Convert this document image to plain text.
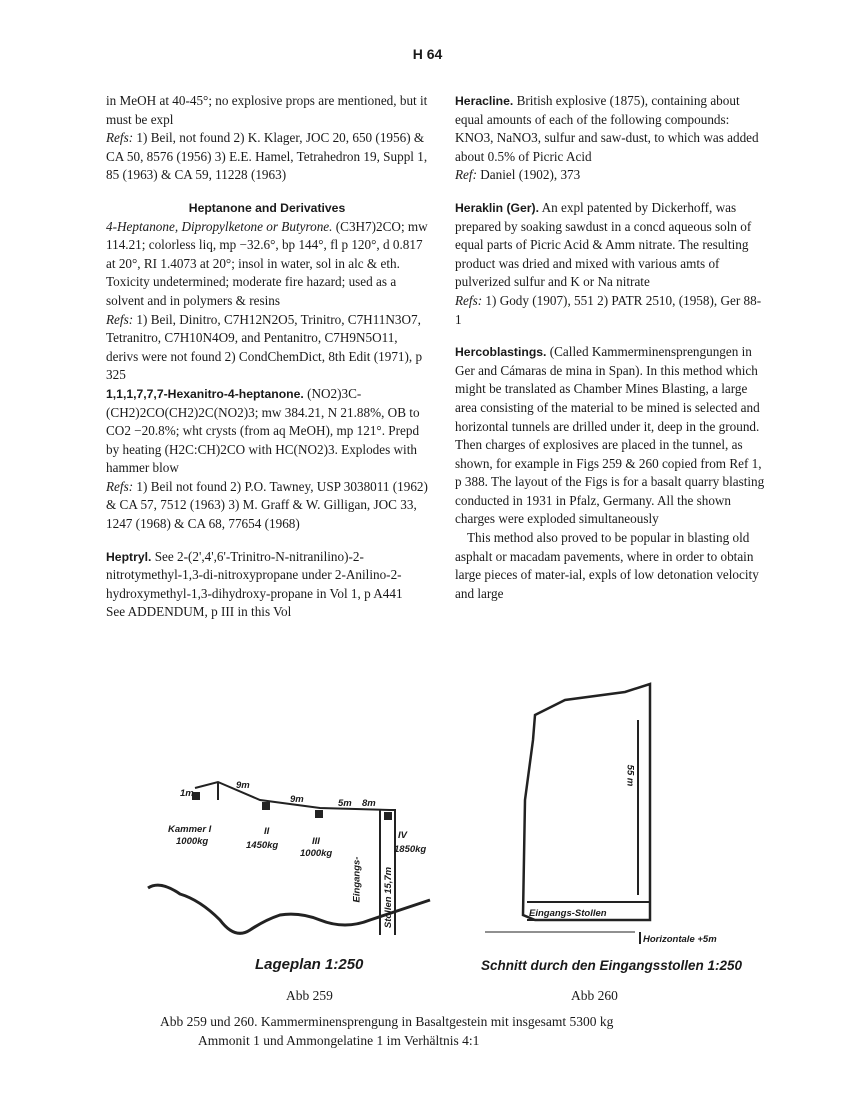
H 64

in MeOH at 40-45°; no explosive props are mentioned, but it must be expl
Refs: 1) Beil, not found 2) K. Klager, JOC 20, 650 (1956) & CA 50, 8576 (1956) 3) E.E. Hamel, Tetrahedron 19, Suppl 1, 85 (1963) & CA 59, 11228 (1963)

Heptanone and Derivatives
4-Heptanone, Dipropylketone or Butyrone. (C3H7)2CO; mw 114.21; colorless liq, mp −32.6°, bp 144°, fl p 120°, d 0.817 at 20°, RI 1.4073 at 20°; insol in water, sol in alc & eth. Toxicity undetermined; moderate fire hazard; used as a solvent and in polymers & resins
Refs: 1) Beil, Dinitro, C7H12N2O5, Trinitro, C7H11N3O7, Tetranitro, C7H10N4O9, and Pentanitro, C7H9N5O11, derivs were not found 2) CondChemDict, 8th Edit (1971), p 325
1,1,1,7,7,7-Hexanitro-4-heptanone. (NO2)3C-(CH2)2CO(CH2)2C(NO2)3; mw 384.21, N 21.88%, OB to CO2 −20.8%; wht crysts (from aq MeOH), mp 121°. Prepd by heating (H2C:CH)2CO with HC(NO2)3. Explodes with hammer blow
Refs: 1) Beil not found 2) P.O. Tawney, USP 3038011 (1962) & CA 57, 7512 (1963) 3) M. Graff & W. Gilligan, JOC 33, 1247 (1968) & CA 68, 77654 (1968)

Heptryl. See 2-(2',4',6'-Trinitro-N-nitranilino)-2-nitrotymethyl-1,3-di-nitroxypropane under 2-Anilino-2-hydroxymethyl-1,3-dihydroxy-propane in Vol 1, p A441
See ADDENDUM, p III in this Vol

Heracline. British explosive (1875), containing about equal amounts of each of the following compounds: KNO3, NaNO3, sulfur and saw-dust, to which was added about 0.5% of Picric Acid
Ref: Daniel (1902), 373

Heraklin (Ger). An expl patented by Dickerhoff, was prepared by soaking sawdust in a concd aqueous soln of equal parts of Picric Acid & Amm nitrate. The resulting product was dried and mixed with various amts of pulverized sulfur and K or Na nitrate
Refs: 1) Gody (1907), 551 2) PATR 2510, (1958), Ger 88-1

Hercoblastings. (Called Kammerminensprengungen in Ger and Cámaras de mina in Span). In this method which might be translated as Chamber Mines Blasting, a large area consisting of the material to be mined is selected and horizontal tunnels are drilled under it, deep in the ground. Then charges of explosives are placed in the tunnel, as shown, for example in Figs 259 & 260 copied from Ref 1, p 388. The layout of the Figs is for a basalt quarry blasting conducted in 1931 in Pfalz, Germany. All the shown charges were exploded simultaneously

This method also proved to be popular in blasting old asphalt or macadam pavements, where in order to obtain large pieces of mater-ial, expls of low detonation velocity and large

1m
9m
9m	5m 8m
Kammer I
1000kg
II
1450kg	III
1000kg
IV
1850kg
Eingangs- Stollen 15,7m
Lageplan 1:250
Abb 259
55 m
Eingangs-Stollen
Horizontale +5m
Schnitt durch den Eingangsstollen 1:250
Abb 260
Abb 259 und 260. Kammerminensprengung in Basaltgestein mit insgesamt 5300 kg
Ammonit 1 und Ammongelatine 1 im Verhältnis 4:1
